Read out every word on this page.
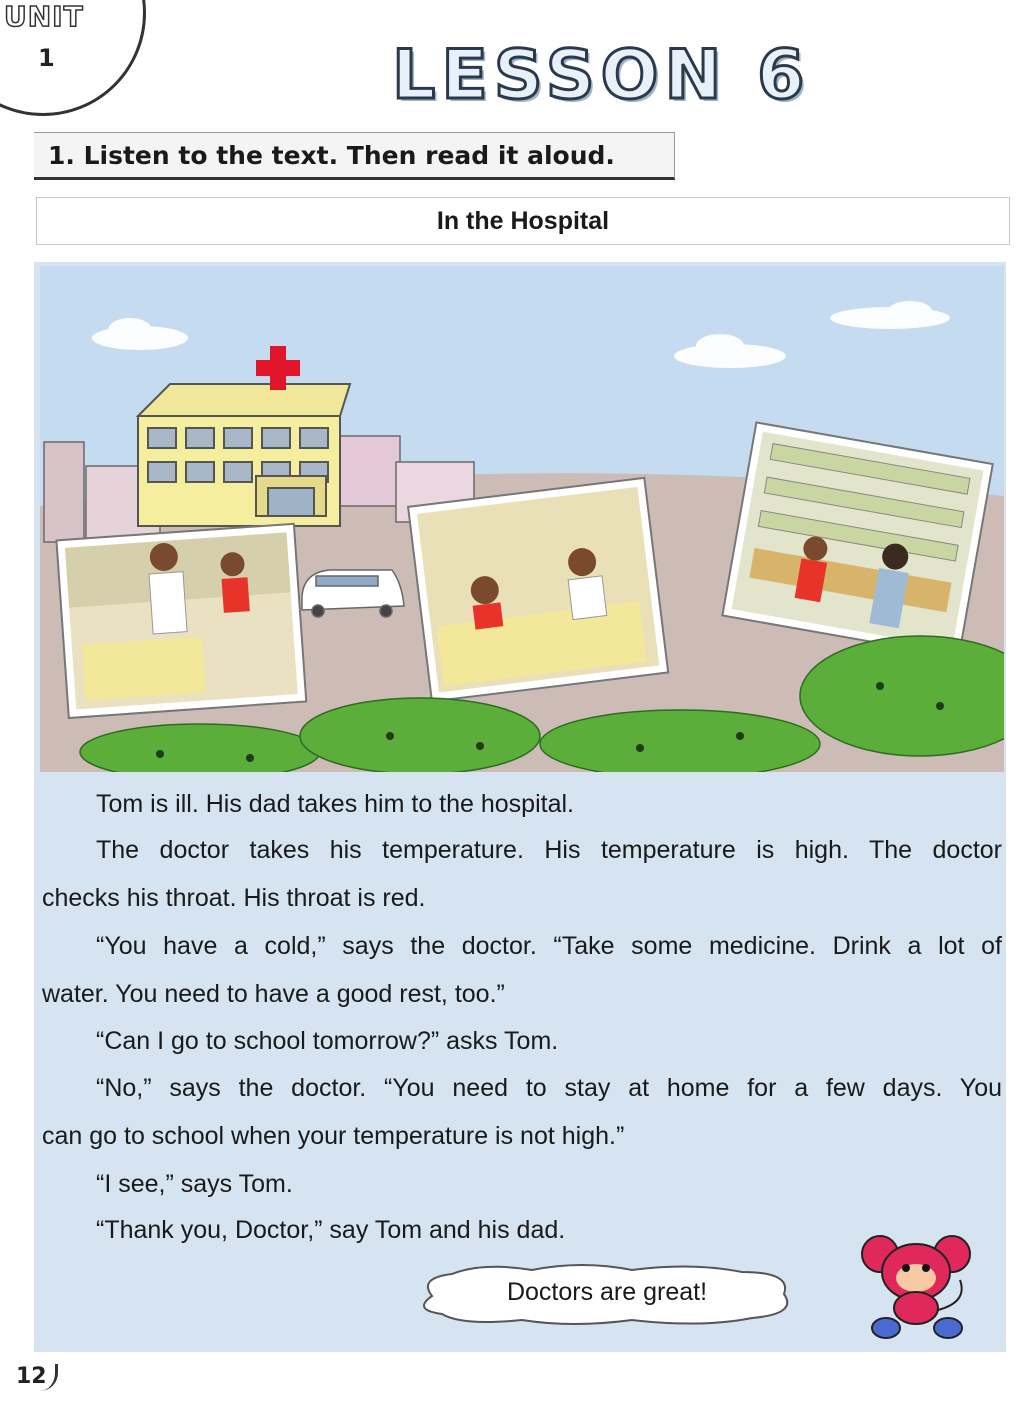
UNIT
1	LESSON 6
1. Listen to the text. Then read it aloud.
In the Hospital
Tom is ill. His dad takes him to the hospital.
The doctor takes his temperature. His temperature is high. The doctor
checks his throat. His throat is red.
“You have a cold,” says the doctor. “Take some medicine. Drink a lot of
water. You need to have a good rest, too.”
“Can I go to school tomorrow?” asks Tom.
“No,” says the doctor. “You need to stay at home for a few days. You
can go to school when your temperature is not high.”
“I see,” says Tom.
“Thank you, Doctor,” say Tom and his dad.
Doctors are great!
12
